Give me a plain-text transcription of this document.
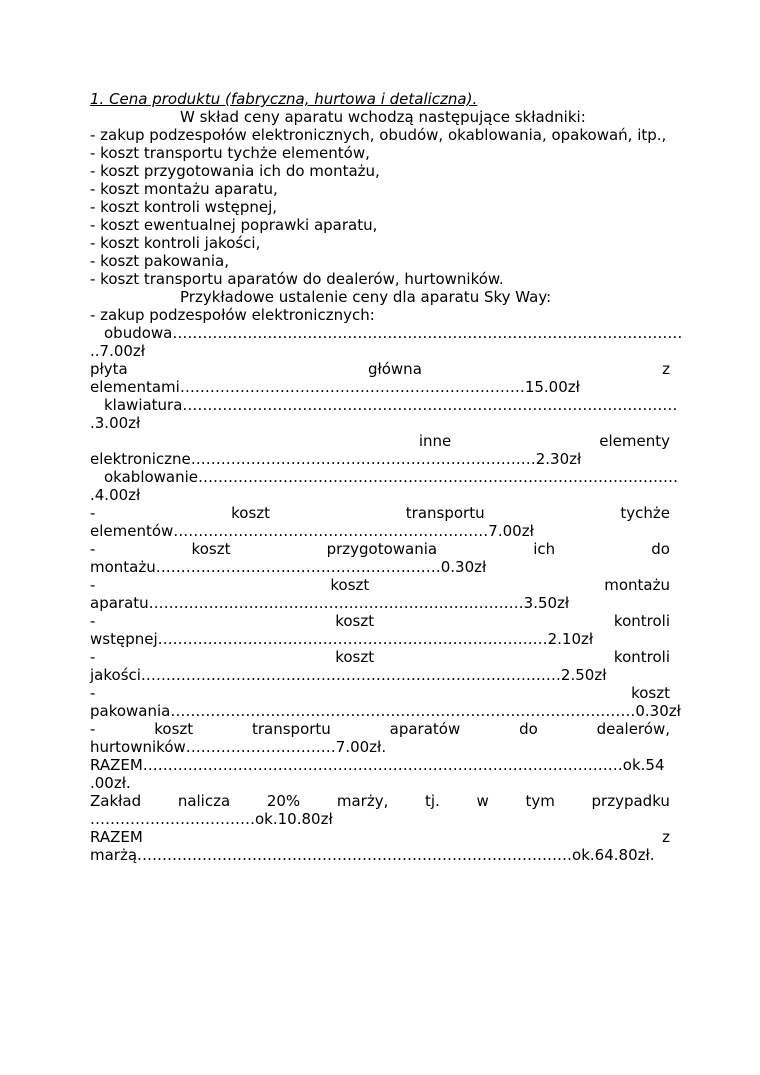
1. Cena produktu (fabryczna, hurtowa i detaliczna).

W skład ceny aparatu wchodzą następujące składniki:

- zakup podzespołów elektronicznych, obudów, okablowania, opakowań, itp.,

- koszt transportu tychże elementów,

- koszt przygotowania ich do montażu,

- koszt montażu aparatu,

- koszt kontroli wstępnej,

- koszt ewentualnej poprawki aparatu,

- koszt kontroli jakości,

- koszt pakowania,

- koszt transportu aparatów do dealerów, hurtowników.

Przykładowe ustalenie ceny dla aparatu Sky Way:

- zakup podzespołów elektronicznych:

obudowa…………………………………………………………………………………………

..7.00zł

płyta	główna	z

elementami……………………………………………………………15.00zł

klawiatura………………………………………………………………………………………

.3.00zł

inne	elementy

elektroniczne……………………………………………………………2.30zł

okablowanie……………………………………………………………………………………

.4.00zł

-	koszt	transportu	tychże

elementów………………………………………………………7.00zł

-	koszt	przygotowania	ich	do

montażu…………………………………………………0.30zł

-	koszt	montażu

aparatu…………………………………………………………………3.50zł

-	koszt	kontroli

wstępnej……………………………………………………………………2.10zł

-	koszt	kontroli

jakości…………………………………………………………………………2.50zł

-	koszt

pakowania…………………………………………………………………………………0.30zł

-	koszt	transportu	aparatów	do	dealerów,

hurtowników…………………………7.00zł.

RAZEM……………………………………………………………………………………ok.54

.00zł.

Zakład nalicza 20% marży, tj. w tym przypadku

……………………………ok.10.80zł

RAZEM	z

marżą……………………………………………………………………………ok.64.80zł.
